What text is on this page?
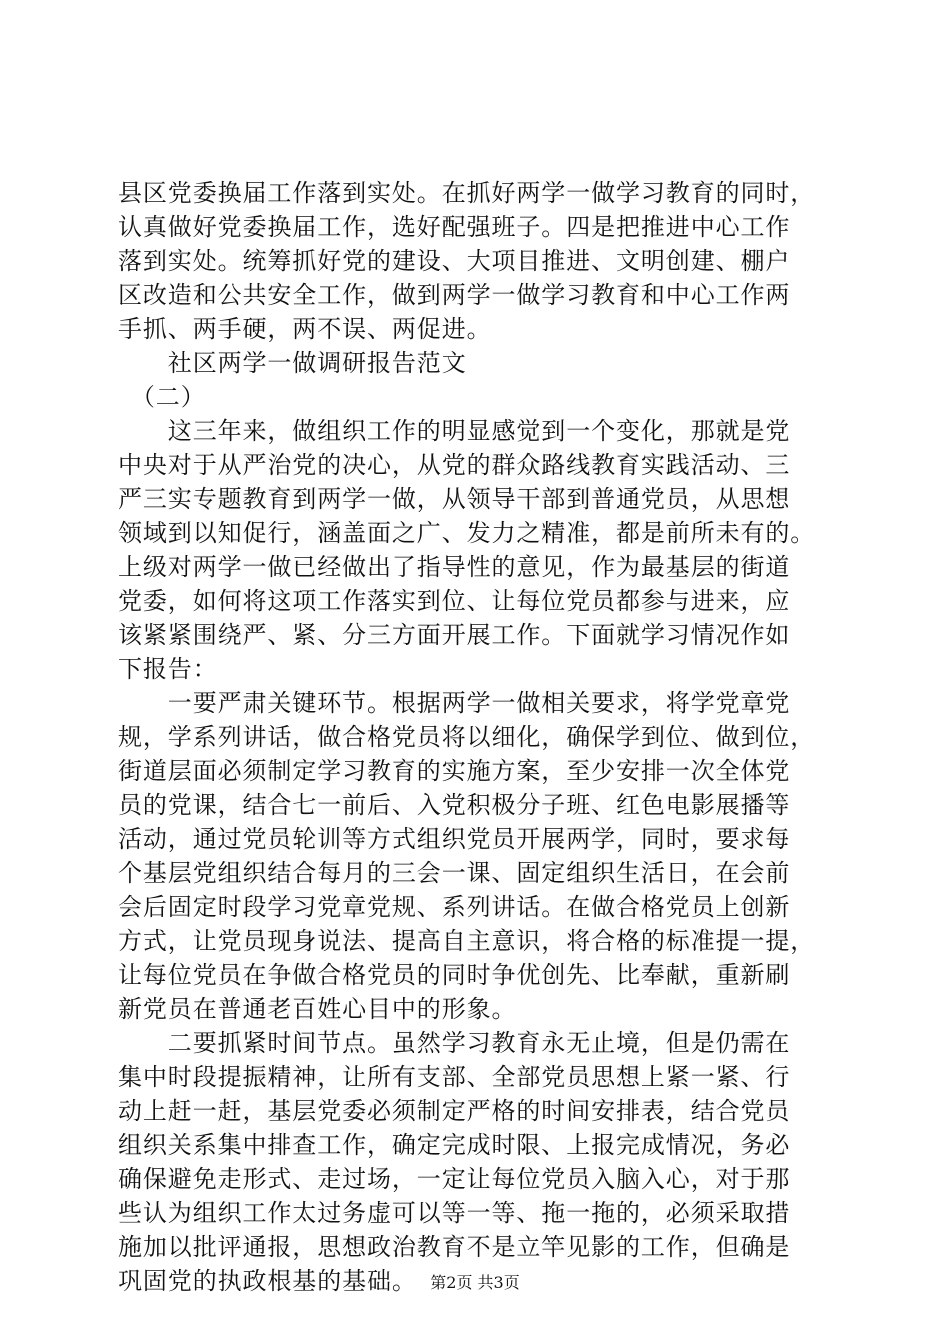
县区党委换届工作落到实处。在抓好两学一做学习教育的同时，
认真做好党委换届工作，选好配强班子。四是把推进中心工作
落到实处。统筹抓好党的建设、大项目推进、文明创建、棚户
区改造和公共安全工作，做到两学一做学习教育和中心工作两
手抓、两手硬，两不误、两促进。
　　社区两学一做调研报告范文
　（二）
　　这三年来，做组织工作的明显感觉到一个变化，那就是党
中央对于从严治党的决心，从党的群众路线教育实践活动、三
严三实专题教育到两学一做，从领导干部到普通党员，从思想
领域到以知促行，涵盖面之广、发力之精准，都是前所未有的。
上级对两学一做已经做出了指导性的意见，作为最基层的街道
党委，如何将这项工作落实到位、让每位党员都参与进来，应
该紧紧围绕严、紧、分三方面开展工作。下面就学习情况作如
下报告：
　　一要严肃关键环节。根据两学一做相关要求，将学党章党
规，学系列讲话，做合格党员将以细化，确保学到位、做到位，
街道层面必须制定学习教育的实施方案，至少安排一次全体党
员的党课，结合七一前后、入党积极分子班、红色电影展播等
活动，通过党员轮训等方式组织党员开展两学，同时，要求每
个基层党组织结合每月的三会一课、固定组织生活日，在会前
会后固定时段学习党章党规、系列讲话。在做合格党员上创新
方式，让党员现身说法、提高自主意识，将合格的标准提一提，
让每位党员在争做合格党员的同时争优创先、比奉献，重新刷
新党员在普通老百姓心目中的形象。
　　二要抓紧时间节点。虽然学习教育永无止境，但是仍需在
集中时段提振精神，让所有支部、全部党员思想上紧一紧、行
动上赶一赶，基层党委必须制定严格的时间安排表，结合党员
组织关系集中排查工作，确定完成时限、上报完成情况，务必
确保避免走形式、走过场，一定让每位党员入脑入心，对于那
些认为组织工作太过务虚可以等一等、拖一拖的，必须采取措
施加以批评通报，思想政治教育不是立竿见影的工作，但确是
巩固党的执政根基的基础。 第2页 共3页
